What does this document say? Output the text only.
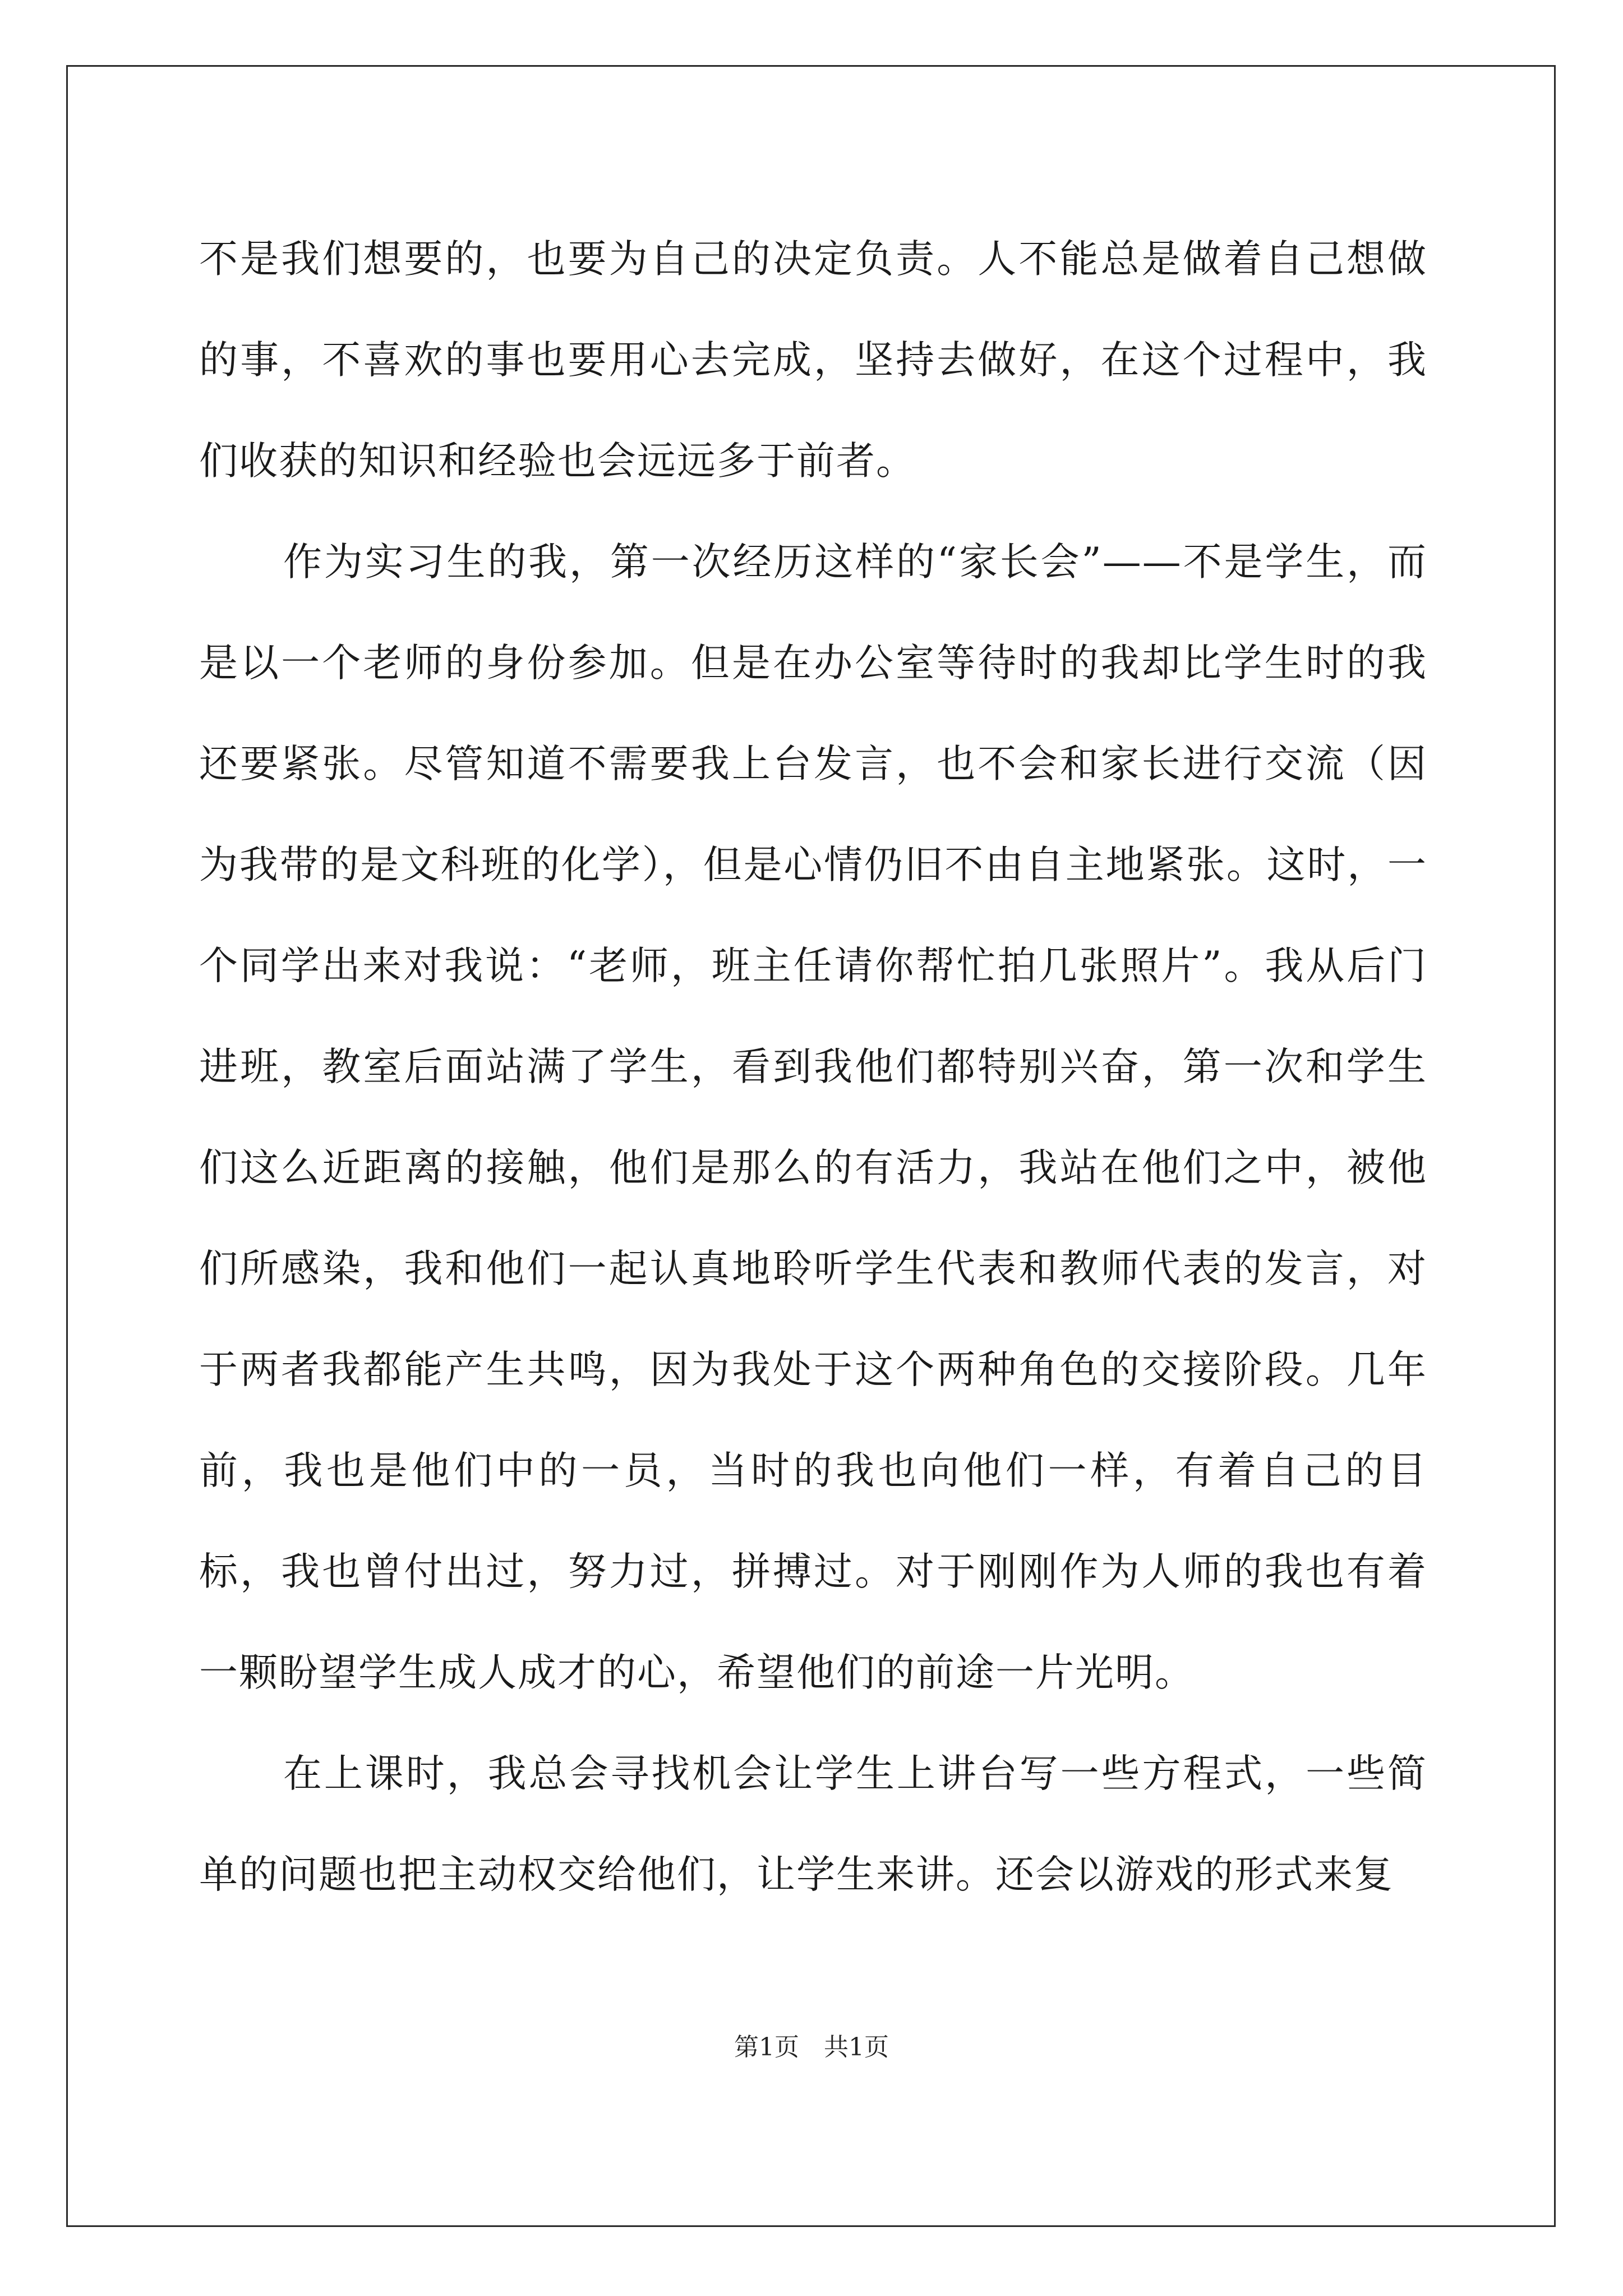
不是我们想要的，也要为自己的决定负责。人不能总是做着自己想做的事，不喜欢的事也要用心去完成，坚持去做好，在这个过程中，我们收获的知识和经验也会远远多于前者。

作为实习生的我，第一次经历这样的“家长会”——不是学生，而是以一个老师的身份参加。但是在办公室等待时的我却比学生时的我还要紧张。尽管知道不需要我上台发言，也不会和家长进行交流（因为我带的是文科班的化学），但是心情仍旧不由自主地紧张。这时，一个同学出来对我说：“老师，班主任请你帮忙拍几张照片”。我从后门进班，教室后面站满了学生，看到我他们都特别兴奋，第一次和学生们这么近距离的接触，他们是那么的有活力，我站在他们之中，被他们所感染，我和他们一起认真地聆听学生代表和教师代表的发言，对于两者我都能产生共鸣，因为我处于这个两种角色的交接阶段。几年前，我也是他们中的一员，当时的我也向他们一样，有着自己的目标，我也曾付出过，努力过，拼搏过。对于刚刚作为人师的我也有着一颗盼望学生成人成才的心，希望他们的前途一片光明。

在上课时，我总会寻找机会让学生上讲台写一些方程式，一些简单的问题也把主动权交给他们，让学生来讲。还会以游戏的形式来复

第1页　共1页
